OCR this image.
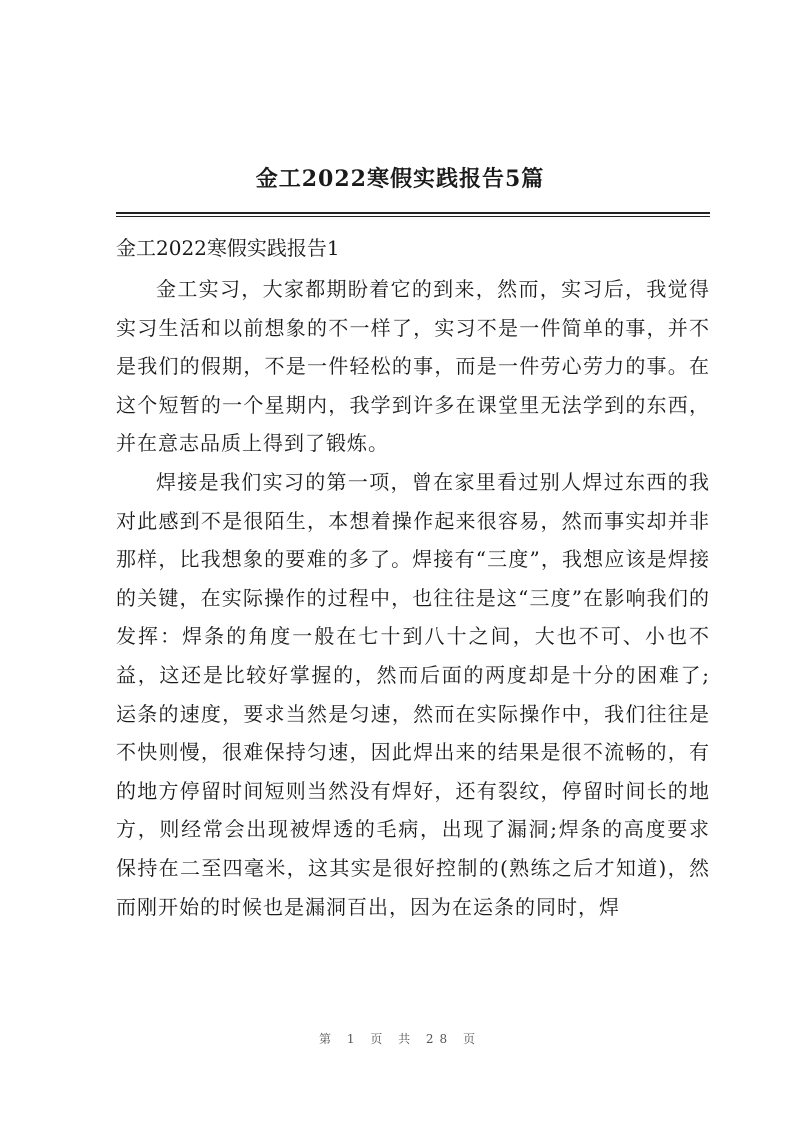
金工2022寒假实践报告5篇
金工2022寒假实践报告1

金工实习，大家都期盼着它的到来，然而，实习后，我觉得实习生活和以前想象的不一样了，实习不是一件简单的事，并不是我们的假期，不是一件轻松的事，而是一件劳心劳力的事。在这个短暂的一个星期内，我学到许多在课堂里无法学到的东西，并在意志品质上得到了锻炼。

焊接是我们实习的第一项，曾在家里看过别人焊过东西的我对此感到不是很陌生，本想着操作起来很容易，然而事实却并非那样，比我想象的要难的多了。焊接有“三度”，我想应该是焊接的关键，在实际操作的过程中，也往往是这“三度”在影响我们的发挥：焊条的角度一般在七十到八十之间，大也不可、小也不益，这还是比较好掌握的，然而后面的两度却是十分的困难了;运条的速度，要求当然是匀速，然而在实际操作中，我们往往是不快则慢，很难保持匀速，因此焊出来的结果是很不流畅的，有的地方停留时间短则当然没有焊好，还有裂纹，停留时间长的地方，则经常会出现被焊透的毛病，出现了漏洞;焊条的高度要求保持在二至四毫米，这其实是很好控制的(熟练之后才知道)，然而刚开始的时候也是漏洞百出，因为在运条的同时，焊

第 1 页 共 28 页
